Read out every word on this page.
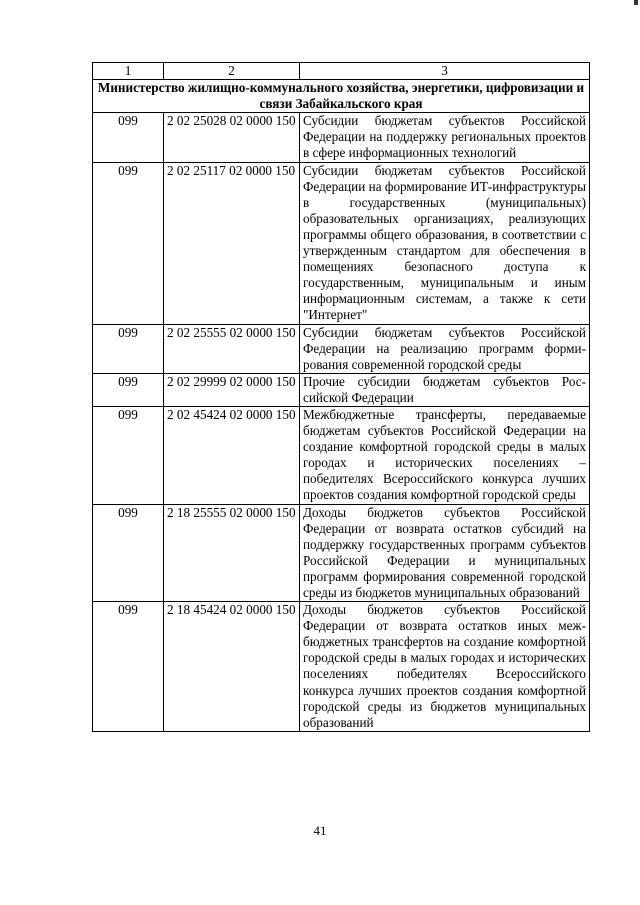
1	2	3
Министерство жилищно-коммунального хозяйства, энергетики, цифровизации и связи Забайкальского края		
099	2 02 25028 02 0000 150	Субсидии бюджетам субъектов Российской Федерации на поддержку региональных проектов в сфере информационных технологий
099	2 02 25117 02 0000 150	Субсидии бюджетам субъектов Российской Федерации на формирование ИТ-инфраструктуры в государственных (муниципальных) образовательных организациях, реализующих программы общего образования, в соответствии с утвержденным стандартом для обеспечения в помещениях безопасного доступа к государственным, муниципальным и иным информационным системам, а также к сети "Интернет"
099	2 02 25555 02 0000 150	Субсидии бюджетам субъектов Российской Федерации на реализацию программ формирования современной городской среды
099	2 02 29999 02 0000 150	Прочие субсидии бюджетам субъектов Российской Федерации
099	2 02 45424 02 0000 150	Межбюджетные трансферты, передаваемые бюджетам субъектов Российской Федерации на создание комфортной городской среды в малых городах и исторических поселениях – победителях Всероссийского конкурса лучших проектов создания комфортной городской среды
099	2 18 25555 02 0000 150	Доходы бюджетов субъектов Российской Федерации от возврата остатков субсидий на поддержку государственных программ субъектов Российской Федерации и муниципальных программ формирования современной городской среды из бюджетов муниципальных образований
099	2 18 45424 02 0000 150	Доходы бюджетов субъектов Российской Федерации от возврата остатков иных межбюджетных трансфертов на создание комфортной городской среды в малых городах и исторических поселениях победителях Всероссийского конкурса лучших проектов создания комфортной городской среды из бюджетов муниципальных образований
41
